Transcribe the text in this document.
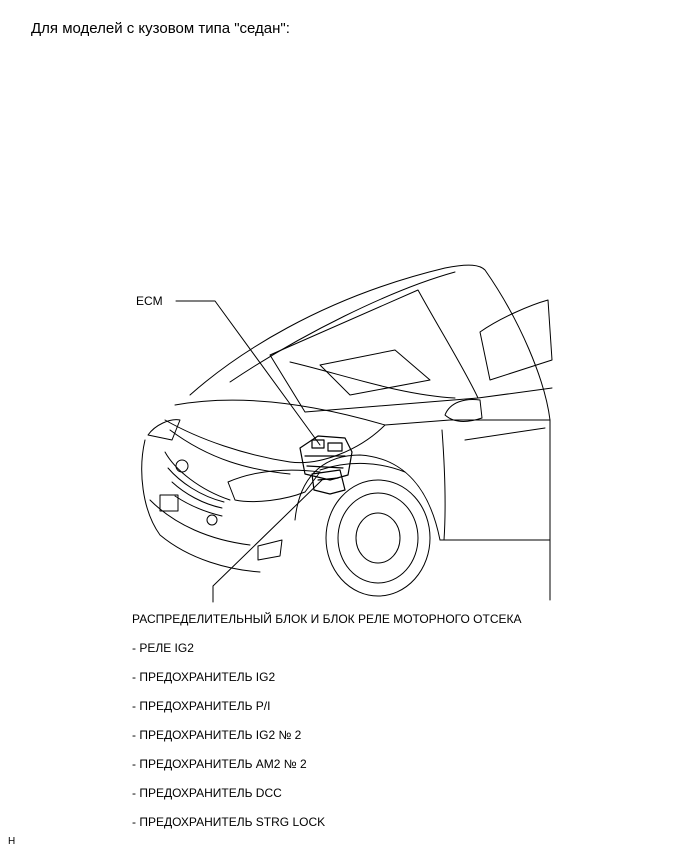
Для моделей с кузовом типа "седан":
ECM
РАСПРЕДЕЛИТЕЛЬНЫЙ БЛОК И БЛОК РЕЛЕ МОТОРНОГО ОТСЕКА
- РЕЛЕ IG2
- ПРЕДОХРАНИТЕЛЬ IG2
- ПРЕДОХРАНИТЕЛЬ P/I
- ПРЕДОХРАНИТЕЛЬ IG2 № 2
- ПРЕДОХРАНИТЕЛЬ AM2 № 2
- ПРЕДОХРАНИТЕЛЬ DCC
- ПРЕДОХРАНИТЕЛЬ STRG LOCK
H
